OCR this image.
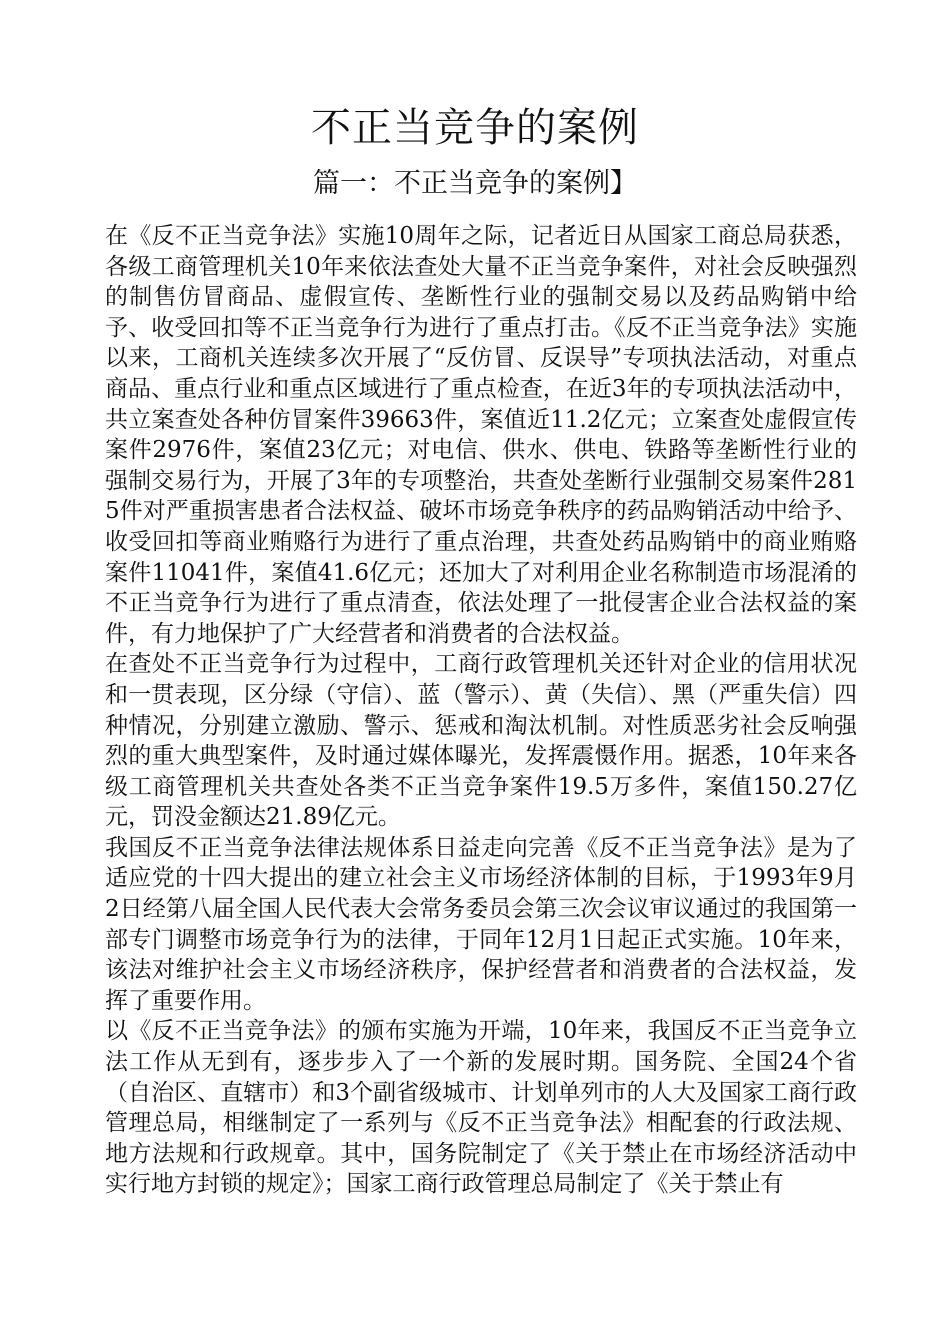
不正当竞争的案例
篇一：不正当竞争的案例】

在《反不正当竞争法》实施10周年之际，记者近日从国家工商总局获悉，各级工商管理机关10年来依法查处大量不正当竞争案件，对社会反映强烈的制售仿冒商品、虚假宣传、垄断性行业的强制交易以及药品购销中给予、收受回扣等不正当竞争行为进行了重点打击。《反不正当竞争法》实施以来，工商机关连续多次开展了“反仿冒、反误导”专项执法活动，对重点商品、重点行业和重点区域进行了重点检查，在近3年的专项执法活动中，共立案查处各种仿冒案件39663件，案值近11.2亿元；立案查处虚假宣传案件2976件，案值23亿元；对电信、供水、供电、铁路等垄断性行业的强制交易行为，开展了3年的专项整治，共查处垄断行业强制交易案件2815件对严重损害患者合法权益、破坏市场竞争秩序的药品购销活动中给予、收受回扣等商业贿赂行为进行了重点治理，共查处药品购销中的商业贿赂案件11041件，案值41.6亿元；还加大了对利用企业名称制造市场混淆的不正当竞争行为进行了重点清查，依法处理了一批侵害企业合法权益的案件，有力地保护了广大经营者和消费者的合法权益。

在查处不正当竞争行为过程中，工商行政管理机关还针对企业的信用状况和一贯表现，区分绿（守信）、蓝（警示）、黄（失信）、黑（严重失信）四种情况，分别建立激励、警示、惩戒和淘汰机制。对性质恶劣社会反响强烈的重大典型案件，及时通过媒体曝光，发挥震慑作用。据悉，10年来各级工商管理机关共查处各类不正当竞争案件19.5万多件，案值150.27亿元，罚没金额达21.89亿元。

我国反不正当竞争法律法规体系日益走向完善《反不正当竞争法》是为了适应党的十四大提出的建立社会主义市场经济体制的目标，于1993年9月2日经第八届全国人民代表大会常务委员会第三次会议审议通过的我国第一部专门调整市场竞争行为的法律，于同年12月1日起正式实施。10年来，该法对维护社会主义市场经济秩序，保护经营者和消费者的合法权益，发挥了重要作用。

以《反不正当竞争法》的颁布实施为开端，10年来，我国反不正当竞争立法工作从无到有，逐步步入了一个新的发展时期。国务院、全国24个省（自治区、直辖市）和3个副省级城市、计划单列市的人大及国家工商行政管理总局，相继制定了一系列与《反不正当竞争法》相配套的行政法规、地方法规和行政规章。其中，国务院制定了《关于禁止在市场经济活动中实行地方封锁的规定》；国家工商行政管理总局制定了《关于禁止有
